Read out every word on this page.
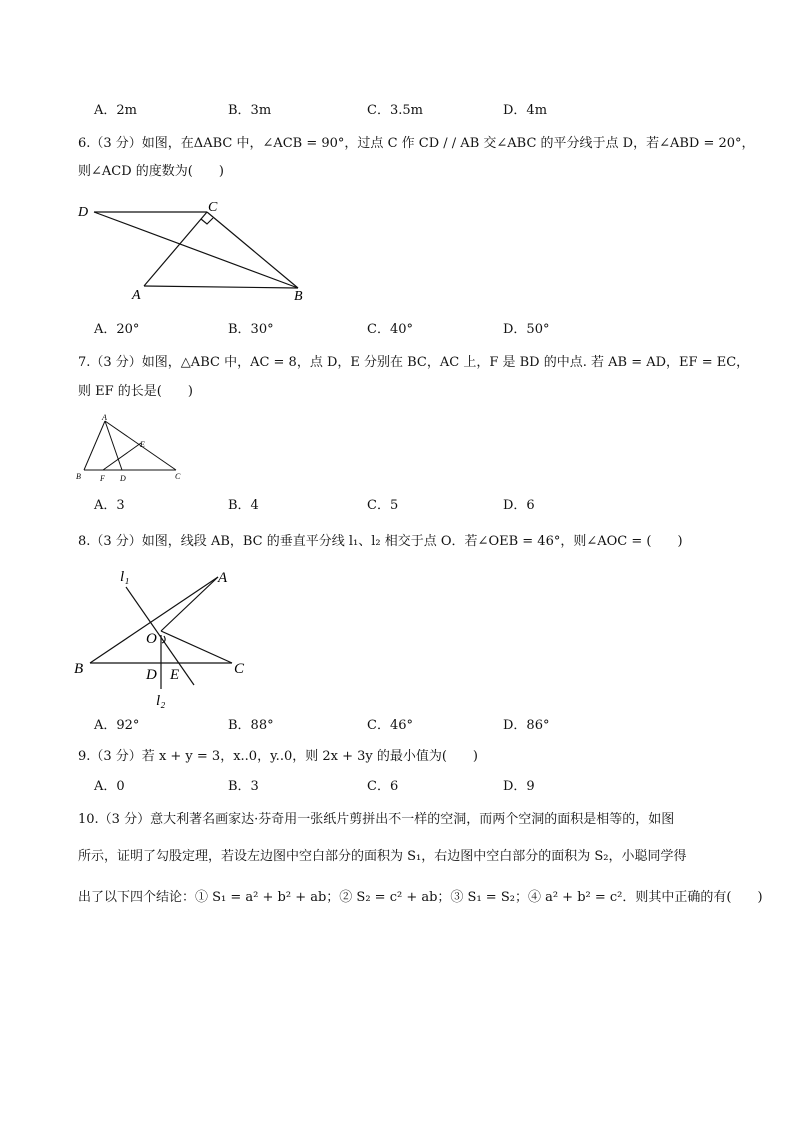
A．2m	B．3m	C．3.5m	D．4m
6.（3 分）如图，在ΔABC 中，∠ACB = 90°，过点 C 作 CD / / AB 交∠ABC 的平分线于点 D，若∠ABD = 20°，
则∠ACD 的度数为(　　)
D	C
A	B
A．20°	B．30°	C．40°	D．50°
7.（3 分）如图，△ABC 中，AC = 8，点 D，E 分别在 BC，AC 上，F 是 BD 的中点. 若 AB = AD，EF = EC，
则 EF 的长是(　　)
A
E
B F D	C
A．3	B．4	C．5	D．6
8.（3 分）如图，线段 AB，BC 的垂直平分线 l₁、l₂ 相交于点 O．若∠OEB = 46°，则∠AOC = (　　)
l₁	A
O
B	D E	C
l₂
A．92°	B．88°	C．46°	D．86°
9.（3 分）若 x + y = 3，x..0，y..0，则 2x + 3y 的最小值为(　　)
A．0	B．3	C．6	D．9
10.（3 分）意大利著名画家达·芬奇用一张纸片剪拼出不一样的空洞，而两个空洞的面积是相等的，如图
所示，证明了勾股定理，若设左边图中空白部分的面积为 S₁，右边图中空白部分的面积为 S₂，小聪同学得
出了以下四个结论：① S₁ = a² + b² + ab；② S₂ = c² + ab；③ S₁ = S₂；④ a² + b² = c²．则其中正确的有(　　)
